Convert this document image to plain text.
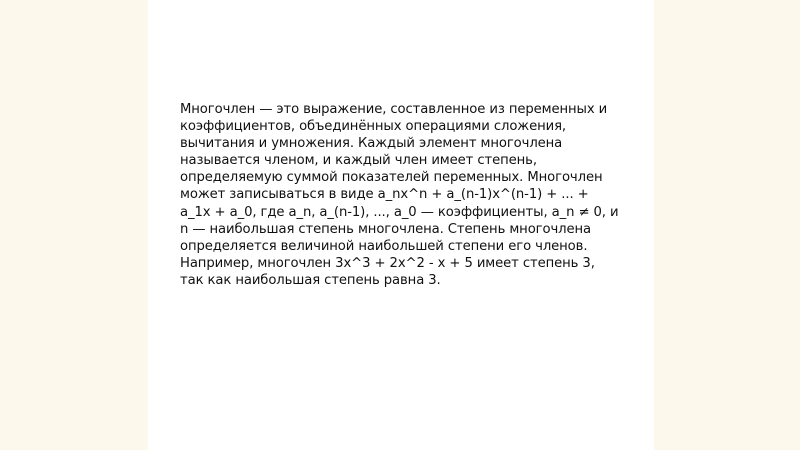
Многочлен — это выражение, составленное из переменных и коэффициентов, объединённых операциями сложения, вычитания и умножения. Каждый элемент многочлена называется членом, и каждый член имеет степень, определяемую суммой показателей переменных. Многочлен может записываться в виде a_nx^n + a_(n-1)x^(n-1) + ... + a_1x + a_0, где a_n, a_(n-1), ..., a_0 — коэффициенты, a_n ≠ 0, и n — наибольшая степень многочлена. Степень многочлена определяется величиной наибольшей степени его членов. Например, многочлен 3x^3 + 2x^2 - x + 5 имеет степень 3, так как наибольшая степень равна 3.
